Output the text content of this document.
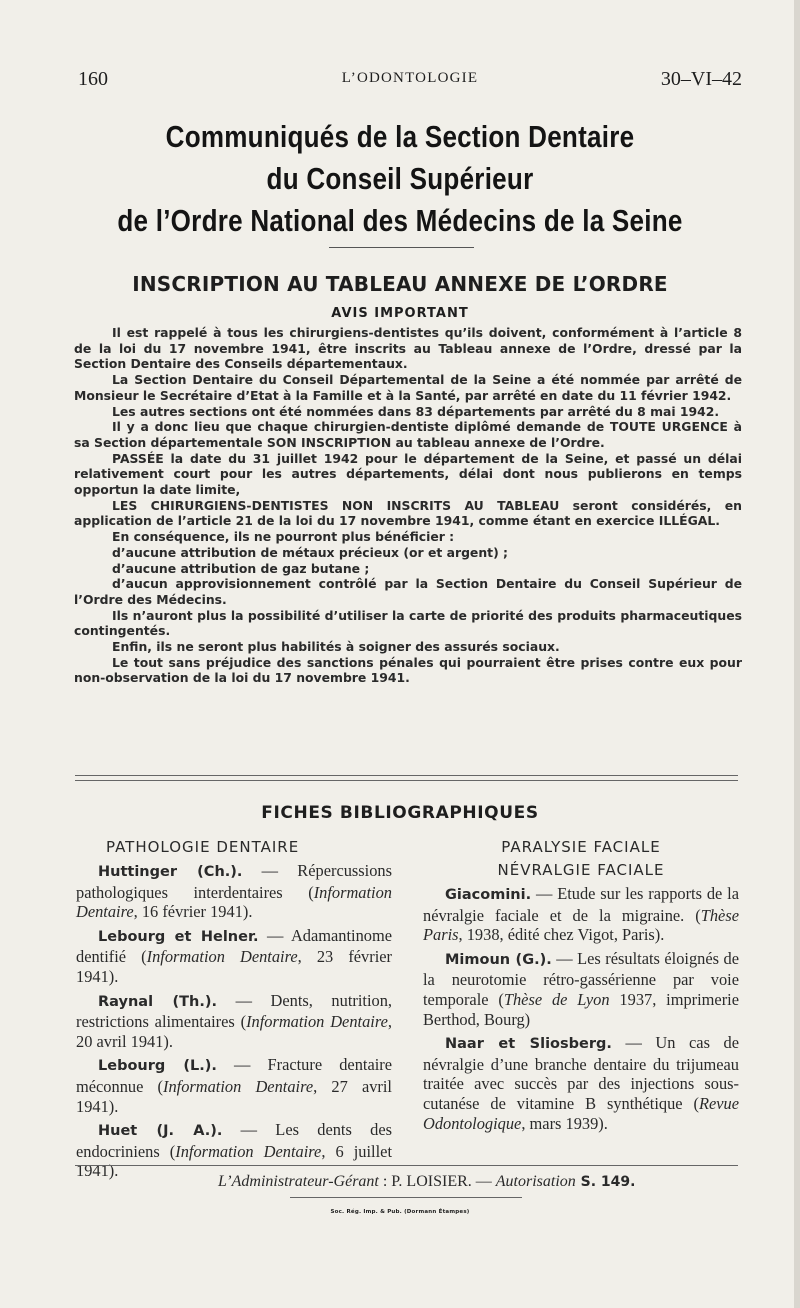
160	L’ODONTOLOGIE	30–VI–42
Communiqués de la Section Dentaire
du Conseil Supérieur
de l’Ordre National des Médecins de la Seine
INSCRIPTION AU TABLEAU ANNEXE DE L’ORDRE
AVIS IMPORTANT

Il est rappelé à tous les chirurgiens-dentistes qu’ils doivent, conformément à l’article 8 de la loi du 17 novembre 1941, être inscrits au Tableau annexe de l’Ordre, dressé par la Section Dentaire des Conseils départementaux.

La Section Dentaire du Conseil Départemental de la Seine a été nommée par arrêté de Monsieur le Secrétaire d’Etat à la Famille et à la Santé, par arrêté en date du 11 février 1942.

Les autres sections ont été nommées dans 83 départements par arrêté du 8 mai 1942.

Il y a donc lieu que chaque chirurgien-dentiste diplômé demande de TOUTE URGENCE à sa Section départementale SON INSCRIPTION au tableau annexe de l’Ordre.

PASSÉE la date du 31 juillet 1942 pour le département de la Seine, et passé un délai relativement court pour les autres départements, délai dont nous publierons en temps opportun la date limite,

LES CHIRURGIENS-DENTISTES NON INSCRITS AU TABLEAU seront considérés, en application de l’article 21 de la loi du 17 novembre 1941, comme étant en exercice ILLÉGAL.

En conséquence, ils ne pourront plus bénéficier :

d’aucune attribution de métaux précieux (or et argent) ;

d’aucune attribution de gaz butane ;

d’aucun approvisionnement contrôlé par la Section Dentaire du Conseil Supérieur de l’Ordre des Médecins.

Ils n’auront plus la possibilité d’utiliser la carte de priorité des produits pharmaceutiques contingentés.

Enfin, ils ne seront plus habilités à soigner des assurés sociaux.

Le tout sans préjudice des sanctions pénales qui pourraient être prises contre eux pour non-observation de la loi du 17 novembre 1941.

FICHES BIBLIOGRAPHIQUES
PATHOLOGIE DENTAIRE

Huttinger (Ch.). — Répercussions pathologiques interdentaires (Information Dentaire, 16 février 1941).

Lebourg et Helner. — Adamantinome dentifié (Information Dentaire, 23 février 1941).

Raynal (Th.). — Dents, nutrition, restrictions alimentaires (Information Dentaire, 20 avril 1941).

Lebourg (L.). — Fracture dentaire méconnue (Information Dentaire, 27 avril 1941).

Huet (J. A.). — Les dents des endocriniens (Information Dentaire, 6 juillet 1941).

PARALYSIE FACIALE
NÉVRALGIE FACIALE

Giacomini. — Etude sur les rapports de la névralgie faciale et de la migraine. (Thèse Paris, 1938, édité chez Vigot, Paris).

Mimoun (G.). — Les résultats éloignés de la neurotomie rétro-gassérienne par voie temporale (Thèse de Lyon 1937, imprimerie Berthod, Bourg)

Naar et Sliosberg. — Un cas de névralgie d’une branche dentaire du trijumeau traitée avec succès par des injections sous-cutanése de vitamine B synthétique (Revue Odontologique, mars 1939).

L’Administrateur-Gérant : P. LOISIER. — Autorisation S. 149.
Soc. Rég. Imp. & Pub. (Dormann Étampes)
